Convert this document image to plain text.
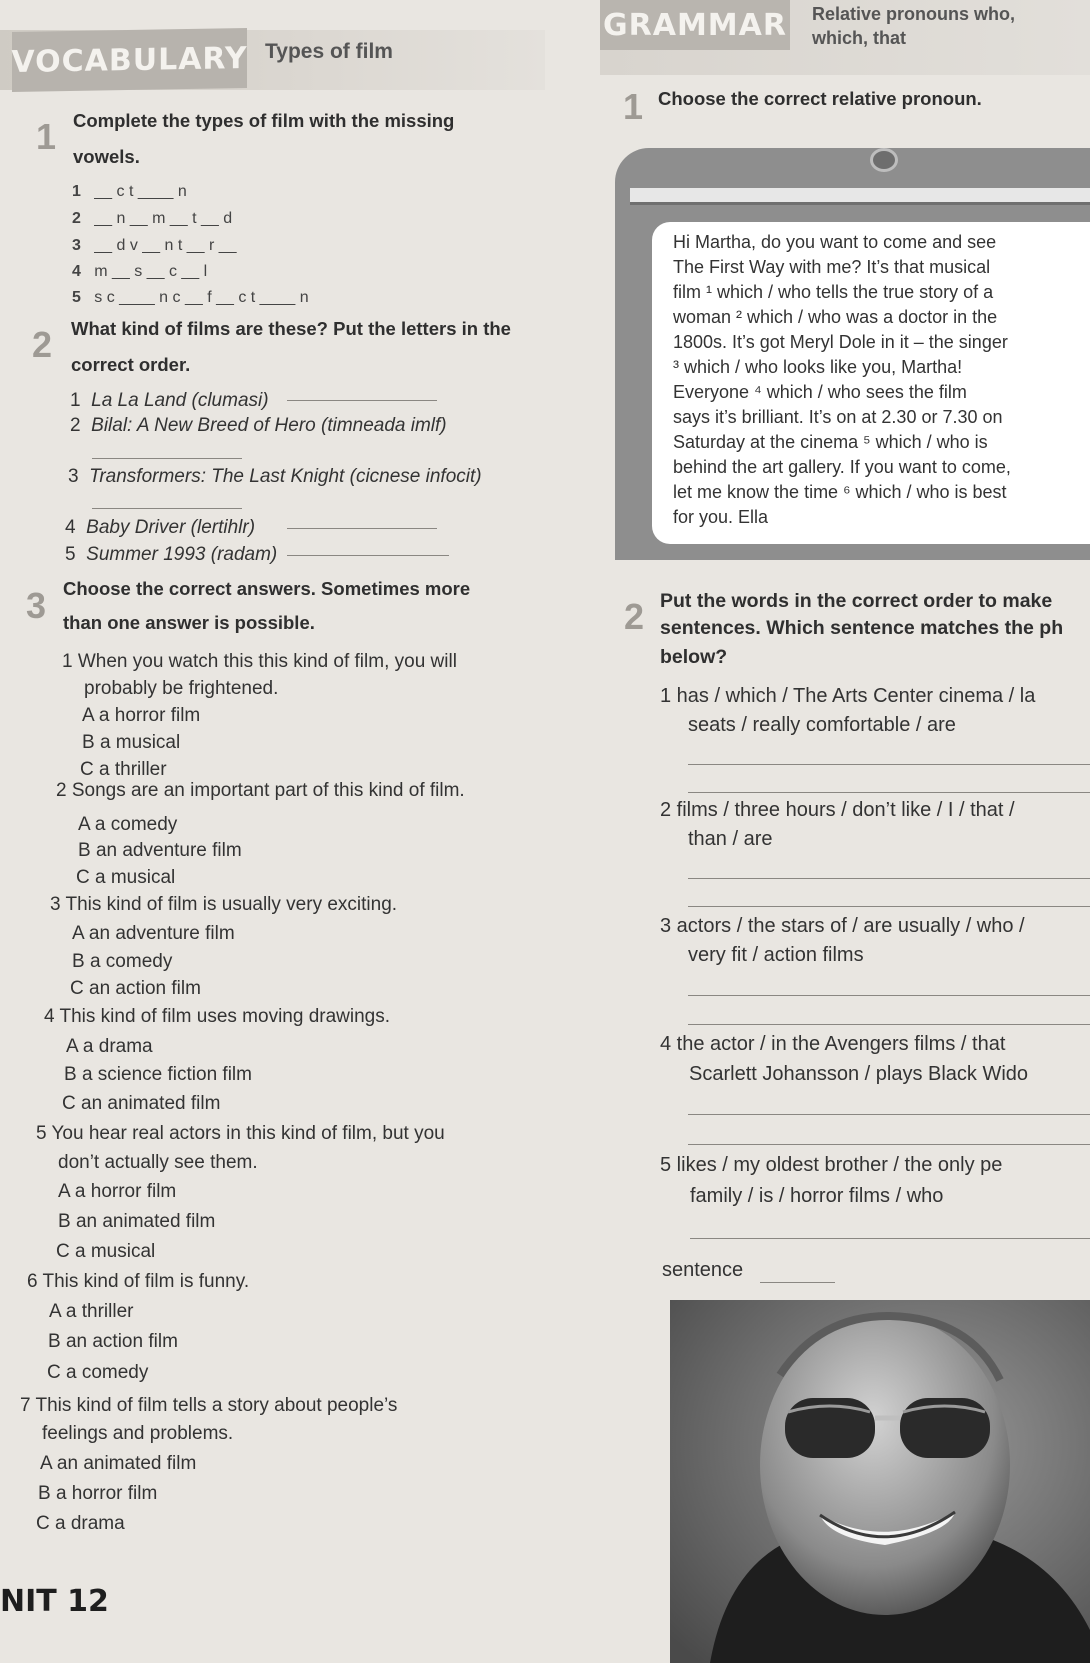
VOCABULARY Types of film
GRAMMAR Relative pronouns who,
which, that
1 Complete the types of film with the missing
vowels.
1 __ c t ____ n
2 __ n __ m __ t __ d
3 __ d v __ n t __ r __
4 m __ s __ c __ l
5 s c ____ n c __ f __ c t ____ n
2 What kind of films are these? Put the letters in the
correct order.
1 La La Land (clumasi)
2 Bilal: A New Breed of Hero (timneada imlf)
3 Transformers: The Last Knight (cicnese infocit)
4 Baby Driver (lertihlr)
5 Summer 1993 (radam)
3 Choose the correct answers. Sometimes more
than one answer is possible.
1 When you watch this this kind of film, you will
probably be frightened.
A a horror film
B a musical
C a thriller
2 Songs are an important part of this kind of film.
A a comedy
B an adventure film
C a musical
3 This kind of film is usually very exciting.
A an adventure film
B a comedy
C an action film
4 This kind of film uses moving drawings.
A a drama
B a science fiction film
C an animated film
5 You hear real actors in this kind of film, but you
don’t actually see them.
A a horror film
B an animated film
C a musical
6 This kind of film is funny.
A a thriller
B an action film
C a comedy
7 This kind of film tells a story about people’s
feelings and problems.
A an animated film
B a horror film
C a drama
1 Choose the correct relative pronoun.
Hi Martha, do you want to come and see
The First Way with me? It’s that musical
film ¹ which / who tells the true story of a
woman ² which / who was a doctor in the
1800s. It’s got Meryl Dole in it – the singer
³ which / who looks like you, Martha!
Everyone ⁴ which / who sees the film
says it’s brilliant. It’s on at 2.30 or 7.30 on
Saturday at the cinema ⁵ which / who is
behind the art gallery. If you want to come,
let me know the time ⁶ which / who is best
for you. Ella
2 Put the words in the correct order to make
sentences. Which sentence matches the ph
below?
1 has / which / The Arts Center cinema / la
seats / really comfortable / are
2 films / three hours / don’t like / I / that /
than / are
3 actors / the stars of / are usually / who /
very fit / action films
4 the actor / in the Avengers films / that
Scarlett Johansson / plays Black Wido
5 likes / my oldest brother / the only pe
family / is / horror films / who
sentence
NIT 12
